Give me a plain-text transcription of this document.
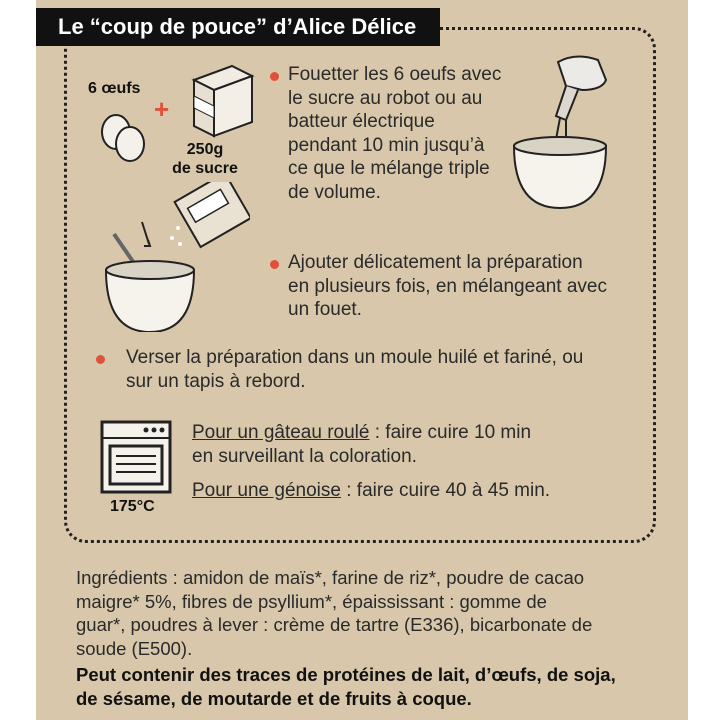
Le “coup de pouce” d’Alice Délice
6 œufs
+
250g
de sucre
Fouetter les 6 oeufs avec
le sucre au robot ou au
batteur électrique
pendant 10 min jusqu’à
ce que le mélange triple
de volume.
Ajouter délicatement la préparation
en plusieurs fois, en mélangeant avec
un fouet.
Verser la préparation dans un moule huilé et fariné, ou
sur un tapis à rebord.
175°C
Pour un gâteau roulé : faire cuire 10 min
en surveillant la coloration.
Pour une génoise : faire cuire 40 à 45 min.
Ingrédients : amidon de maïs*, farine de riz*, poudre de cacao
maigre* 5%, fibres de psyllium*, épaississant : gomme de
guar*, poudres à lever : crème de tartre (E336), bicarbonate de
soude (E500).
Peut contenir des traces de protéines de lait, d’œufs, de soja,
de sésame, de moutarde et de fruits à coque.
